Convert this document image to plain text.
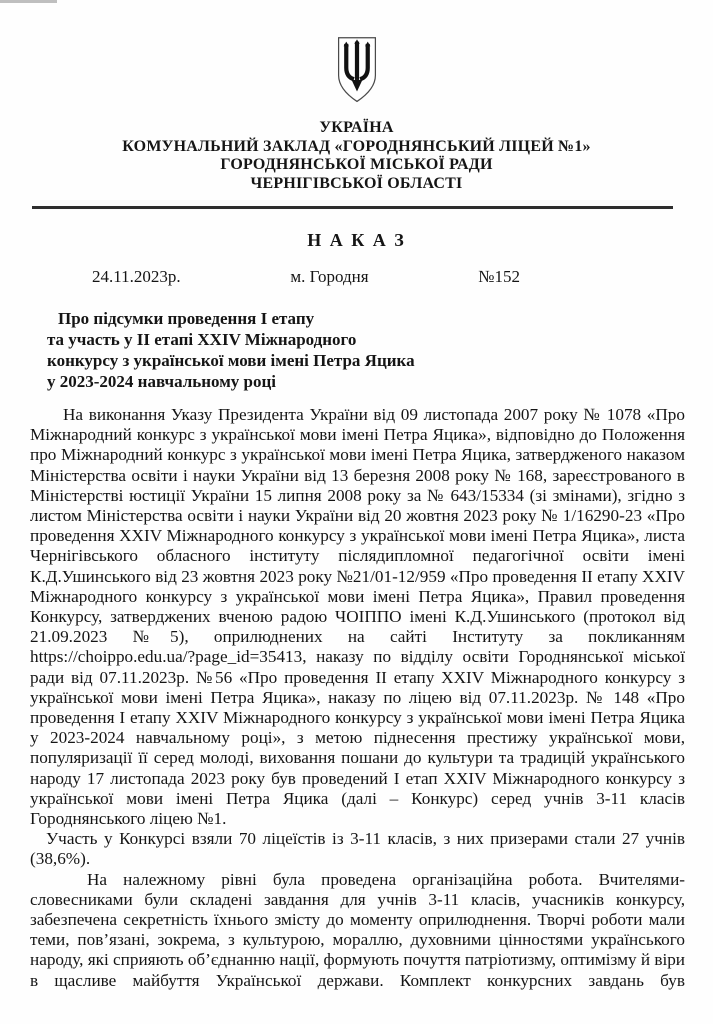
УКРАЇНА
КОМУНАЛЬНИЙ ЗАКЛАД «ГОРОДНЯНСЬКИЙ ЛІЦЕЙ №1»
ГОРОДНЯНСЬКОЇ МІСЬКОЇ РАДИ
ЧЕРНІГІВСЬКОЇ ОБЛАСТІ
Н А К А З
24.11.2023р.	м. Городня	№152
Про підсумки проведення І етапу
та участь у ІІ етапі XXIV Міжнародного
конкурсу з української мови імені Петра Яцика
у 2023-2024 навчальному році

На виконання Указу Президента України від 09 листопада 2007 року № 1078 «Про Міжнародний конкурс з української мови імені Петра Яцика», відповідно до Положення про Міжнародний конкурс з української мови імені Петра Яцика, затвердженого наказом Міністерства освіти і науки України від 13 березня 2008 року № 168, зареєстрованого в Міністерстві юстиції України 15 липня 2008 року за № 643/15334 (зі змінами), згідно з листом Міністерства освіти і науки України від 20 жовтня 2023 року № 1/16290-23 «Про проведення XXIV Міжнародного конкурсу з української мови імені Петра Яцика», листа Чернігівського обласного інституту післядипломної педагогічної освіти імені К.Д.Ушинського від 23 жовтня 2023 року №21/01-12/959 «Про проведення ІІ етапу XXIV Міжнародного конкурсу з української мови імені Петра Яцика», Правил проведення Конкурсу, затверджених вченою радою ЧОІППО імені К.Д.Ушинського (протокол від 21.09.2023 №5), оприлюднених на сайті Інституту за покликанням https://choippo.edu.ua/?page_id=35413, наказу по відділу освіти Городнянської міської ради від 07.11.2023р. №56 «Про проведення ІІ етапу XXIV Міжнародного конкурсу з української мови імені Петра Яцика», наказу по ліцею від 07.11.2023р. № 148 «Про проведення І етапу XXIV Міжнародного конкурсу з української мови імені Петра Яцика у 2023-2024 навчальному році», з метою піднесення престижу української мови, популяризації її серед молоді, виховання пошани до культури та традицій українського народу 17 листопада 2023 року був проведений І етап XXIV Міжнародного конкурсу з української мови імені Петра Яцика (далі – Конкурс) серед учнів 3-11 класів Городнянського ліцею №1.

Участь у Конкурсі взяли 70 ліцеїстів із 3-11 класів, з них призерами стали 27 учнів (38,6%).

На належному рівні була проведена організаційна робота. Вчителями-словесниками були складені завдання для учнів 3-11 класів, учасників конкурсу, забезпечена секретність їхнього змісту до моменту оприлюднення. Творчі роботи мали теми, пов’язані, зокрема, з культурою, мораллю, духовними цінностями українського народу, які сприяють об’єднанню нації, формують почуття патріотизму, оптимізму й віри в щасливе майбуття Української держави. Комплект конкурсних завдань був
